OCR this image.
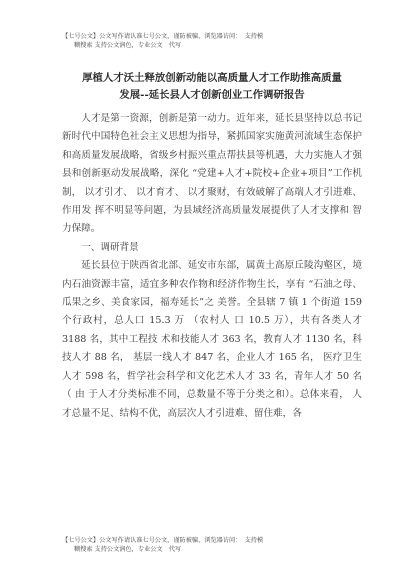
【七号公文】公文写作请认准七号公文，谨防被骗，浏览器访问：　支持模
糊搜索 支持公文润色，专业公文　代写
厚植人才沃土释放创新动能以高质量人才工作助推高质量
发展--延长县人才创新创业工作调研报告

人才是第一资源，创新是第一动力。近年来，延长县坚持以总书记新时代中国特色社会主义思想为指导，紧抓国家实施黄河流域生态保护和高质量发展战略，省级乡村振兴重点帮扶县等机遇，大力实施人才强县和创新驱动发展战略，深化 “党建+人才+院校+企业+项目”工作机制， 以才引才、 以才育才、 以才聚财，有效破解了高端人才引进难、作用发 挥不明显等问题，为县域经济高质量发展提供了人才支撑和 智力保障。

一、调研背景

延长县位于陕西省北部、延安市东部，属黄土高原丘陵沟壑区，境内石油资源丰富，适宜多种农作物和经济作物生长，享有 “石油之母、瓜果之乡、美食家园，福寿延长”之 美誉。全县辖 7 镇 1 个街道 159 个行政村，总人口 15.3 万 （农村人 口 10.5 万），共有各类人才 3188 名，其中工程技 术和技能人才 363 名，教育人才 1130 名，科技人才 88 名， 基层一线人才 847 名，企业人才 165 名， 医疗卫生人才 598 名，哲学社会科学和文化艺术人才 33 名，青年人才 50 名（ 由 于人才分类标准不同，总数量不等于分类之和）。总体来看， 人才总量不足、结构不优，高层次人才引进难、留住难，各

【七号公文】公文写作请认准七号公文，谨防被骗，浏览器访问：　支持模
糊搜索 支持公文润色，专业公文　代写
